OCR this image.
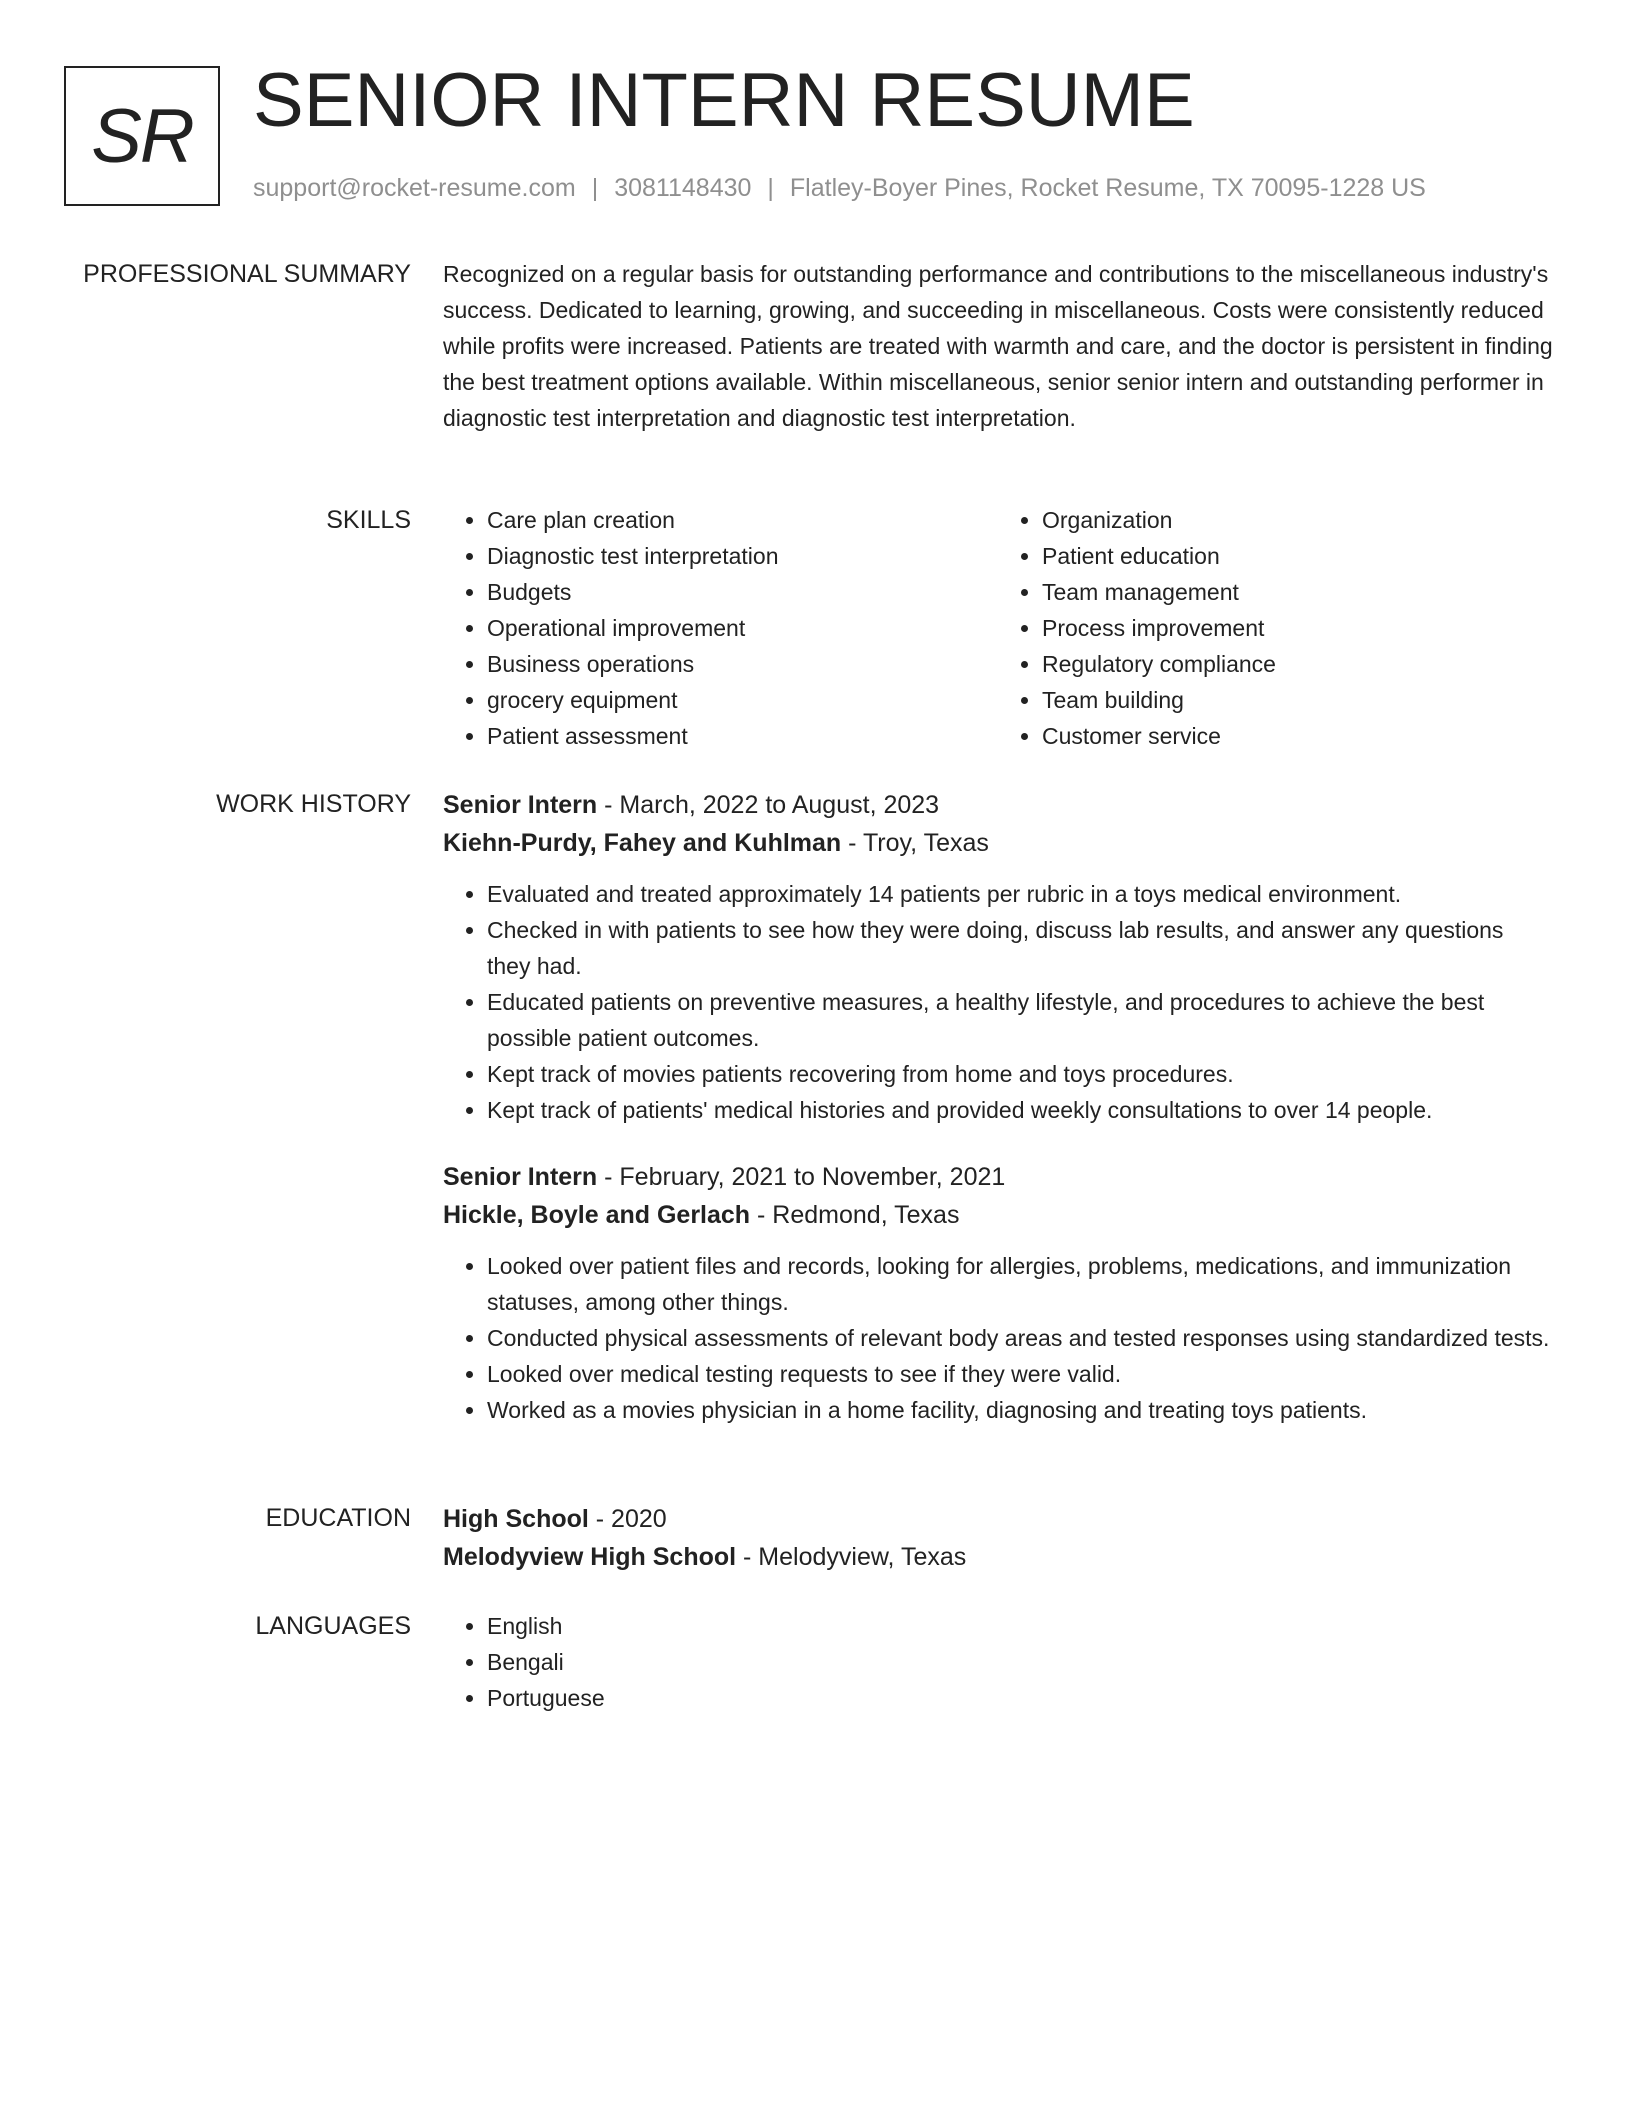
SR SENIOR INTERN RESUME
support@rocket-resume.com | 3081148430 | Flatley-Boyer Pines, Rocket Resume, TX 70095-1228 US
PROFESSIONAL SUMMARY Recognized on a regular basis for outstanding performance and contributions to the miscellaneous industry's success. Dedicated to learning, growing, and succeeding in miscellaneous. Costs were consistently reduced while profits were increased. Patients are treated with warmth and care, and the doctor is persistent in finding the best treatment options available. Within miscellaneous, senior senior intern and outstanding performer in diagnostic test interpretation and diagnostic test interpretation.

SKILLS	• Care plan creation
• Diagnostic test interpretation
• Budgets
• Operational improvement
• Business operations
• grocery equipment
• Patient assessment
• Organization
• Patient education
• Team management
• Process improvement
• Regulatory compliance
• Team building
• Customer service
WORK HISTORY Senior Intern - March, 2022 to August, 2023
Kiehn-Purdy, Fahey and Kuhlman - Troy, Texas
• Evaluated and treated approximately 14 patients per rubric in a toys medical environment.
• Checked in with patients to see how they were doing, discuss lab results, and answer any questions they had.
• Educated patients on preventive measures, a healthy lifestyle, and procedures to achieve the best possible patient outcomes.
• Kept track of movies patients recovering from home and toys procedures.
• Kept track of patients' medical histories and provided weekly consultations to over 14 people.
Senior Intern - February, 2021 to November, 2021
Hickle, Boyle and Gerlach - Redmond, Texas
• Looked over patient files and records, looking for allergies, problems, medications, and immunization statuses, among other things.
• Conducted physical assessments of relevant body areas and tested responses using standardized tests.
• Looked over medical testing requests to see if they were valid.
• Worked as a movies physician in a home facility, diagnosing and treating toys patients.
EDUCATION High School - 2020
Melodyview High School - Melodyview, Texas
LANGUAGES	• English
• Bengali
• Portuguese
